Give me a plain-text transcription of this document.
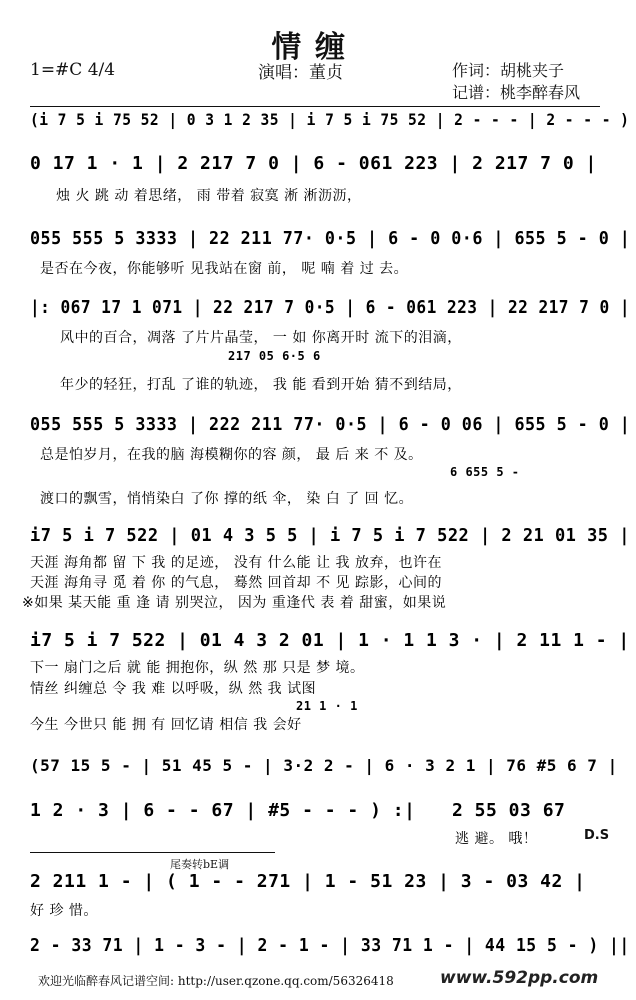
情缠
1=#C 4/4	演唱：董贞	作词：胡桃夹子
记谱：桃李醉春风
(i 7 5 i 75 52 | 0 3 1 2 35 | i 7 5 i 75 52 | 2 - - - | 2 - - - )
0 17 1 · 1 | 2 217 7 0 | 6 - 061 223 | 2 217 7 0 |
烛 火 跳 动 着思绪， 雨 带着 寂寞 淅 淅沥沥，
055 555 5 3333 | 22 211 77· 0·5 | 6 - 0 0·6 | 655 5 - 0 |
是否在今夜，你能够听 见我站在窗 前， 呢 喃 着 过 去。
|: 067 17 1 071 | 22 217 7 0·5 | 6 - 061 223 | 22 217 7 0 |
风中的百合，凋落 了片片晶莹， 一 如 你离开时 流下的泪滴，
217 05 6·5 6
年少的轻狂，打乱 了谁的轨迹， 我 能 看到开始 猜不到结局，
055 555 5 3333 | 222 211 77· 0·5 | 6 - 0 06 | 655 5 - 0 |
总是怕岁月，在我的脑 海模糊你的容 颜， 最 后 来 不 及。
6 655 5 -
渡口的飘雪，悄悄染白 了你 撑的纸 伞， 染 白 了 回 忆。
i7 5 i 7 522 | 01 4 3 5 5 | i 7 5 i 7 522 | 2 21 01 35 |
天涯 海角都 留 下 我 的足迹， 没有 什么能 让 我 放弃，也许在
天涯 海角寻 觅 着 你 的气息， 蓦然 回首却 不 见 踪影，心间的
※如果 某天能 重 逢 请 别哭泣， 因为 重逢代 表 着 甜蜜，如果说
i7 5 i 7 522 | 01 4 3 2 01 | 1 · 1 1 3 · | 2 11 1 - |
下一 扇门之后 就 能 拥抱你，纵 然 那 只是 梦 境。
情丝 纠缠总 令 我 难 以呼吸，纵 然 我 试图
21 1 · 1
今生 今世只 能 拥 有 回忆请 相信 我 会好
(57 15 5 - | 51 45 5 - | 3·2 2 - | 6 · 3 2 1 | 76 #5 6 7 |
1 2 · 3 | 6 - - 67 | #5 - - - ) :| 2 55 03 67
逃 避。 哦！	D.S
尾奏转bE调
2 211 1 - | ( 1 - - 271 | 1 - 51 23 | 3 - 03 42 |
好 珍 惜。
2 - 33 71 | 1 - 3 - | 2 - 1 - | 33 71 1 - | 44 15 5 - ) ||
欢迎光临醉春风记谱空间: http://user.qzone.qq.com/56326418	www.592pp.com
